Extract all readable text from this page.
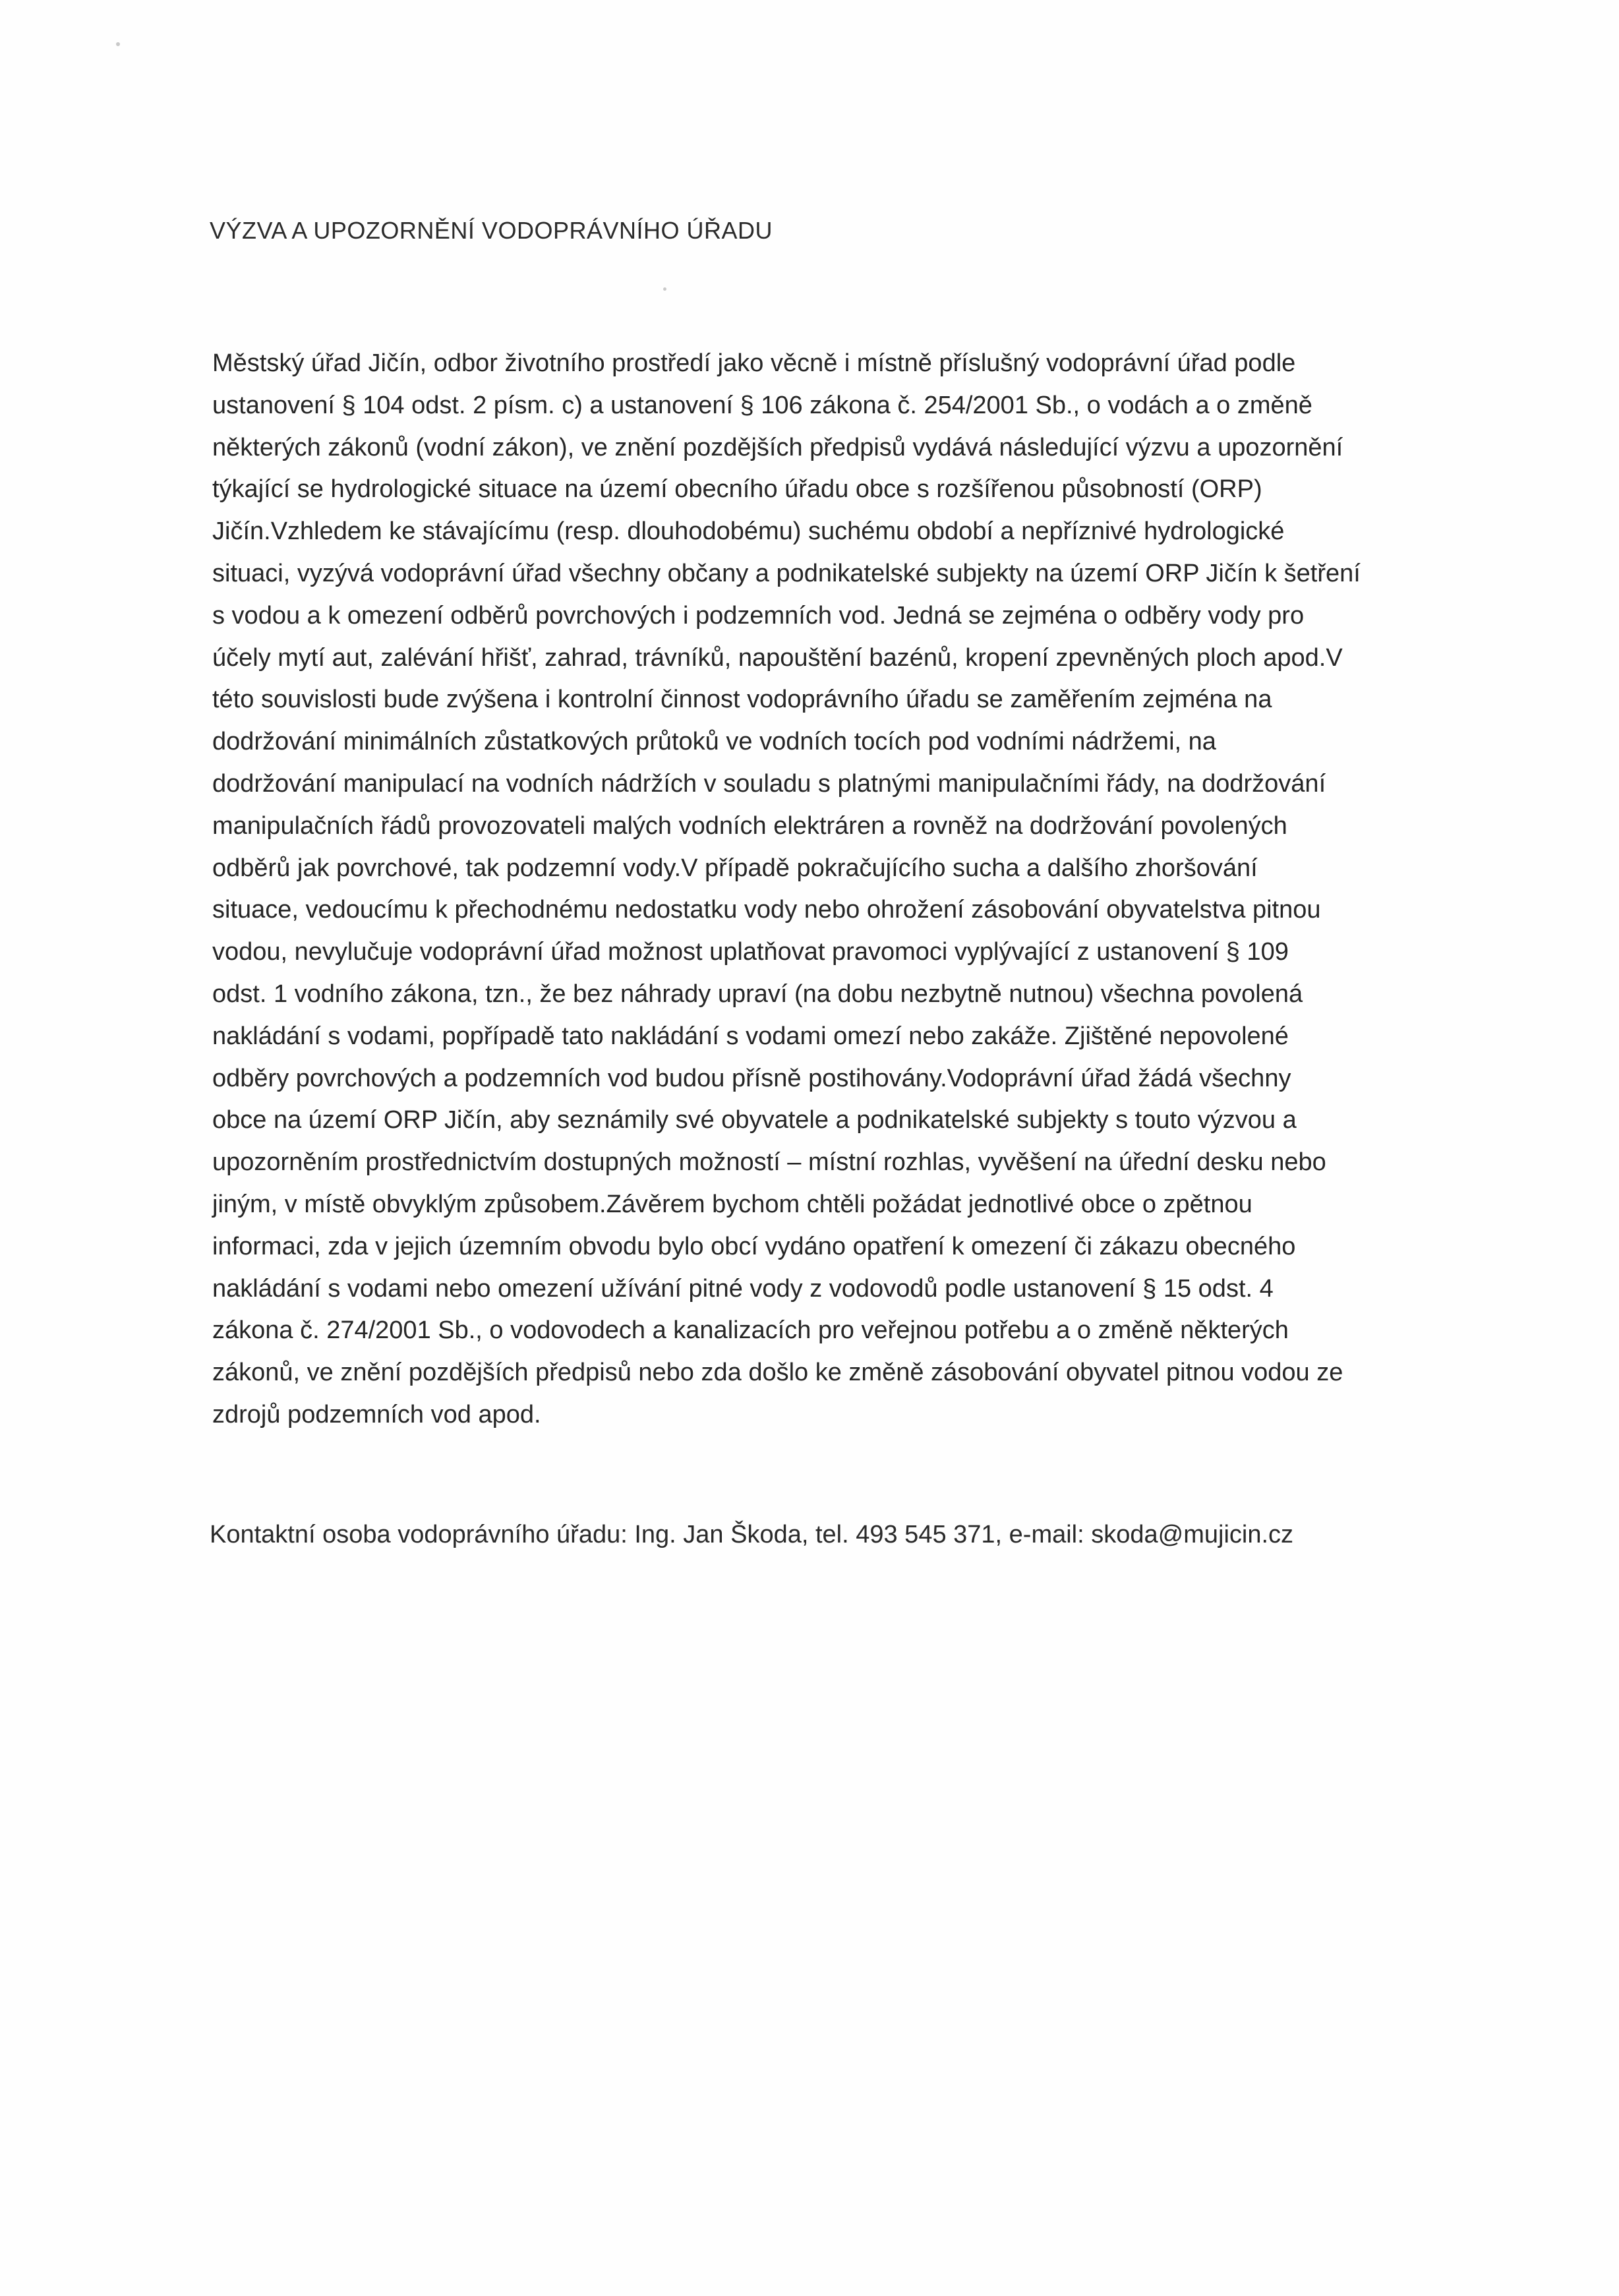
VÝZVA A UPOZORNĚNÍ VODOPRÁVNÍHO ÚŘADU
Městský úřad Jičín, odbor životního prostředí jako věcně i místně příslušný vodoprávní úřad podle
ustanovení § 104 odst. 2 písm. c) a ustanovení § 106 zákona č. 254/2001 Sb., o vodách a o změně
některých zákonů (vodní zákon), ve znění pozdějších předpisů vydává následující výzvu a upozornění
týkající se hydrologické situace na území obecního úřadu obce s rozšířenou působností (ORP)
Jičín.Vzhledem ke stávajícímu (resp. dlouhodobému) suchému období a nepříznivé hydrologické
situaci, vyzývá vodoprávní úřad všechny občany a podnikatelské subjekty na území ORP Jičín k šetření
s vodou a k omezení odběrů povrchových i podzemních vod. Jedná se zejména o odběry vody pro
účely mytí aut, zalévání hřišť, zahrad, trávníků, napouštění bazénů, kropení zpevněných ploch apod.V
této souvislosti bude zvýšena i kontrolní činnost vodoprávního úřadu se zaměřením zejména na
dodržování minimálních zůstatkových průtoků ve vodních tocích pod vodními nádržemi, na
dodržování manipulací na vodních nádržích v souladu s platnými manipulačními řády, na dodržování
manipulačních řádů provozovateli malých vodních elektráren a rovněž na dodržování povolených
odběrů jak povrchové, tak podzemní vody.V případě pokračujícího sucha a dalšího zhoršování
situace, vedoucímu k přechodnému nedostatku vody nebo ohrožení zásobování obyvatelstva pitnou
vodou, nevylučuje vodoprávní úřad možnost uplatňovat pravomoci vyplývající z ustanovení § 109
odst. 1 vodního zákona, tzn., že bez náhrady upraví (na dobu nezbytně nutnou) všechna povolená
nakládání s vodami, popřípadě tato nakládání s vodami omezí nebo zakáže. Zjištěné nepovolené
odběry povrchových a podzemních vod budou přísně postihovány.Vodoprávní úřad žádá všechny
obce na území ORP Jičín, aby seznámily své obyvatele a podnikatelské subjekty s touto výzvou a
upozorněním prostřednictvím dostupných možností – místní rozhlas, vyvěšení na úřední desku nebo
jiným, v místě obvyklým způsobem.Závěrem bychom chtěli požádat jednotlivé obce o zpětnou
informaci, zda v jejich územním obvodu bylo obcí vydáno opatření k omezení či zákazu obecného
nakládání s vodami nebo omezení užívání pitné vody z vodovodů podle ustanovení § 15 odst. 4
zákona č. 274/2001 Sb., o vodovodech a kanalizacích pro veřejnou potřebu a o změně některých
zákonů, ve znění pozdějších předpisů nebo zda došlo ke změně zásobování obyvatel pitnou vodou ze
zdrojů podzemních vod apod.
Kontaktní osoba vodoprávního úřadu: Ing. Jan Škoda, tel. 493 545 371, e-mail: skoda@mujicin.cz
